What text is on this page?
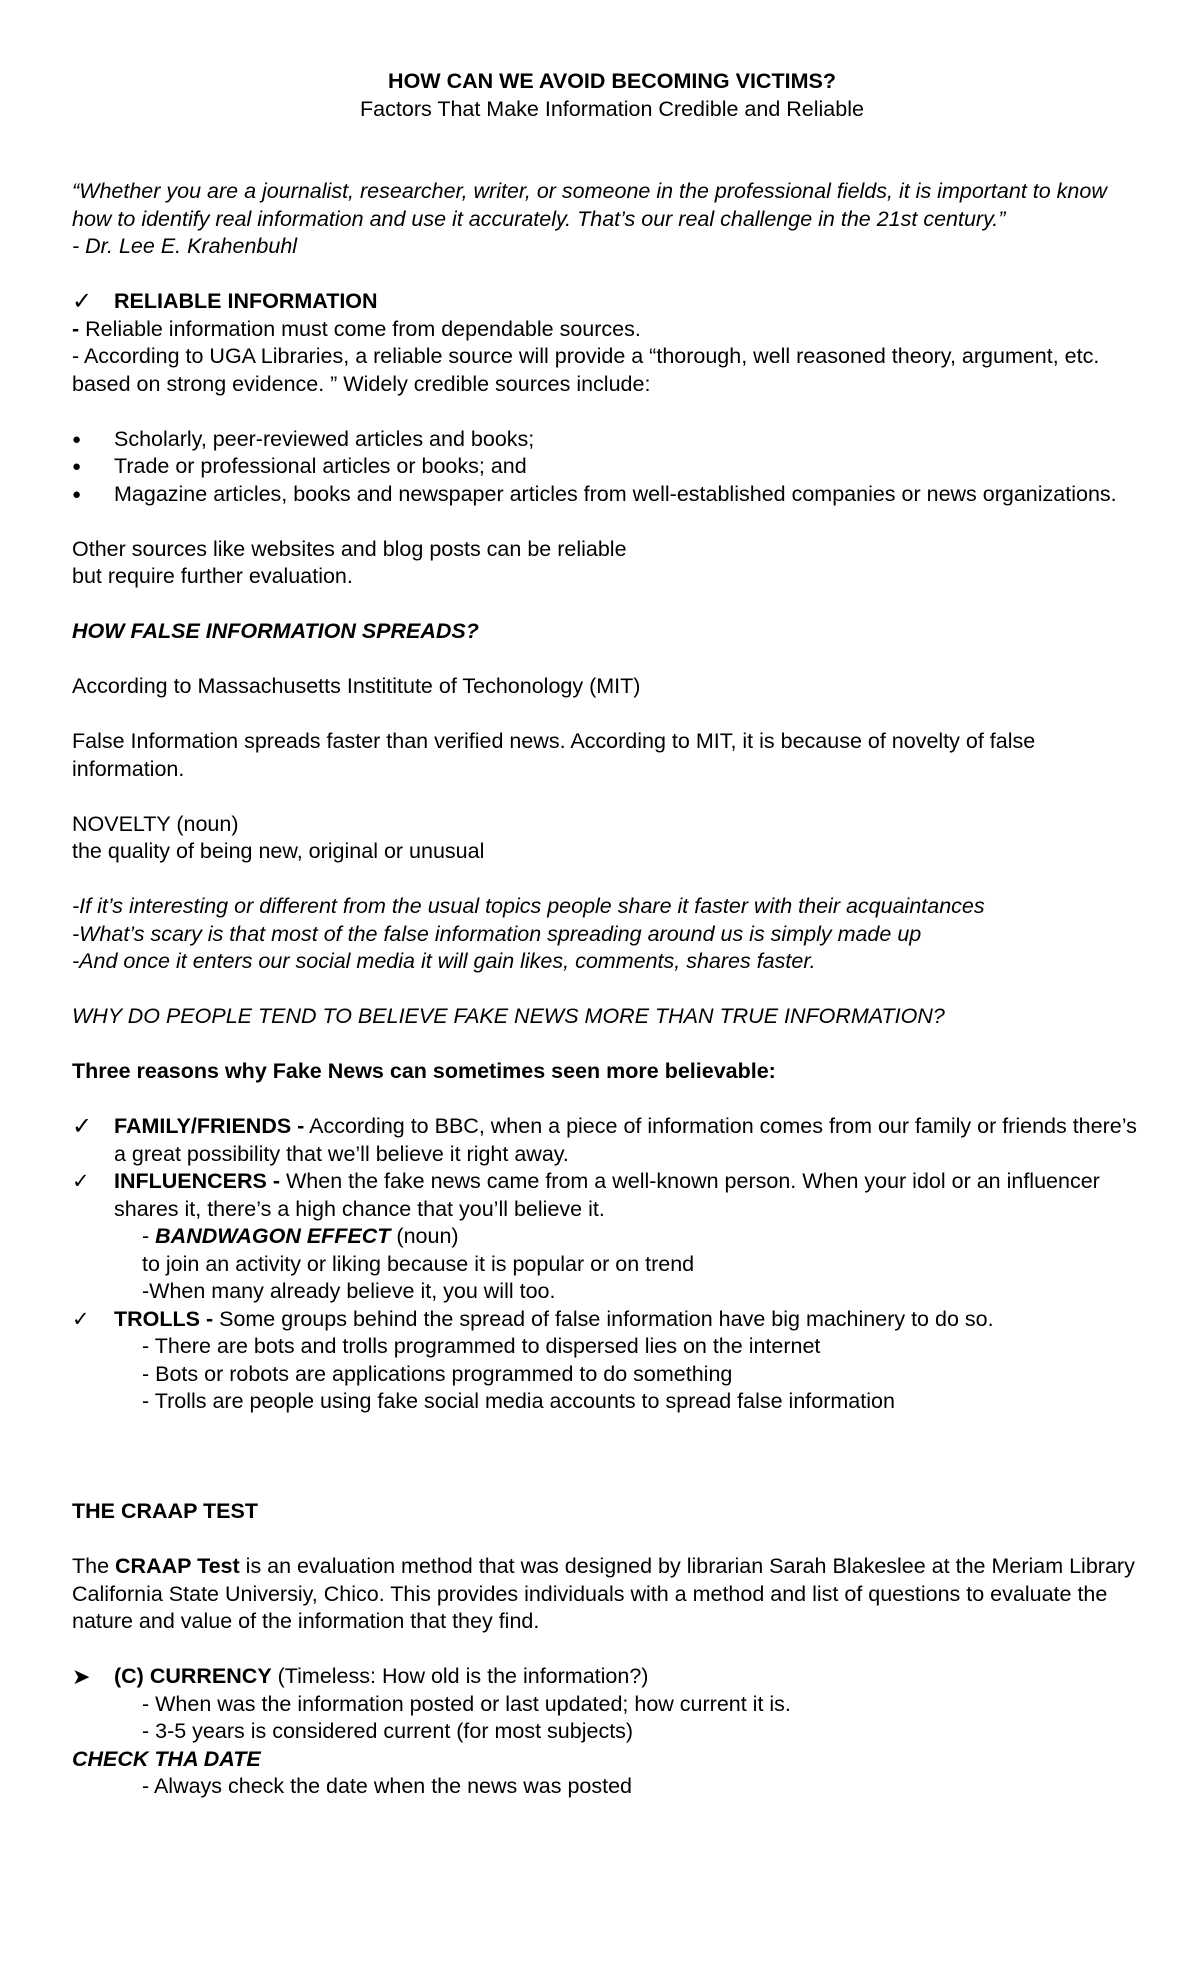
HOW CAN WE AVOID BECOMING VICTIMS?

Factors That Make Information Credible and Reliable

“Whether you are a journalist, researcher, writer, or someone in the professional fields, it is important to know how to identify real information and use it accurately. That’s our real challenge in the 21st century.”

- Dr. Lee E. Krahenbuhl

✓	RELIABLE INFORMATION

- Reliable information must come from dependable sources.

- According to UGA Libraries, a reliable source will provide a “thorough, well reasoned theory, argument, etc. based on strong evidence. ” Widely credible sources include:

●	Scholarly, peer-reviewed articles and books;
●	Trade or professional articles or books; and
●	Magazine articles, books and newspaper articles from well-established companies or news organizations.

Other sources like websites and blog posts can be reliable

but require further evaluation.

HOW FALSE INFORMATION SPREADS?

According to Massachusetts Instititute of Techonology (MIT)

False Information spreads faster than verified news. According to MIT, it is because of novelty of false information.

NOVELTY (noun)

the quality of being new, original or unusual

-If it’s interesting or different from the usual topics people share it faster with their acquaintances

-What’s scary is that most of the false information spreading around us is simply made up

-And once it enters our social media it will gain likes, comments, shares faster.

WHY DO PEOPLE TEND TO BELIEVE FAKE NEWS MORE THAN TRUE INFORMATION?

Three reasons why Fake News can sometimes seen more believable:

✓	FAMILY/FRIENDS - According to BBC, when a piece of information comes from our family or friends there’s a great possibility that we’ll believe it right away.
✓	INFLUENCERS - When the fake news came from a well-known person. When your idol or an influencer shares it, there’s a high chance that you’ll believe it.

- BANDWAGON EFFECT (noun)

to join an activity or liking because it is popular or on trend

-When many already believe it, you will too.

✓	TROLLS - Some groups behind the spread of false information have big machinery to do so.

- There are bots and trolls programmed to dispersed lies on the internet

- Bots or robots are applications programmed to do something

- Trolls are people using fake social media accounts to spread false information

THE CRAAP TEST

The CRAAP Test is an evaluation method that was designed by librarian Sarah Blakeslee at the Meriam Library California State Universiy, Chico. This provides individuals with a method and list of questions to evaluate the nature and value of the information that they find.

➤	(C) CURRENCY (Timeless: How old is the information?)

- When was the information posted or last updated; how current it is.

- 3-5 years is considered current (for most subjects)

CHECK THA DATE

- Always check the date when the news was posted
